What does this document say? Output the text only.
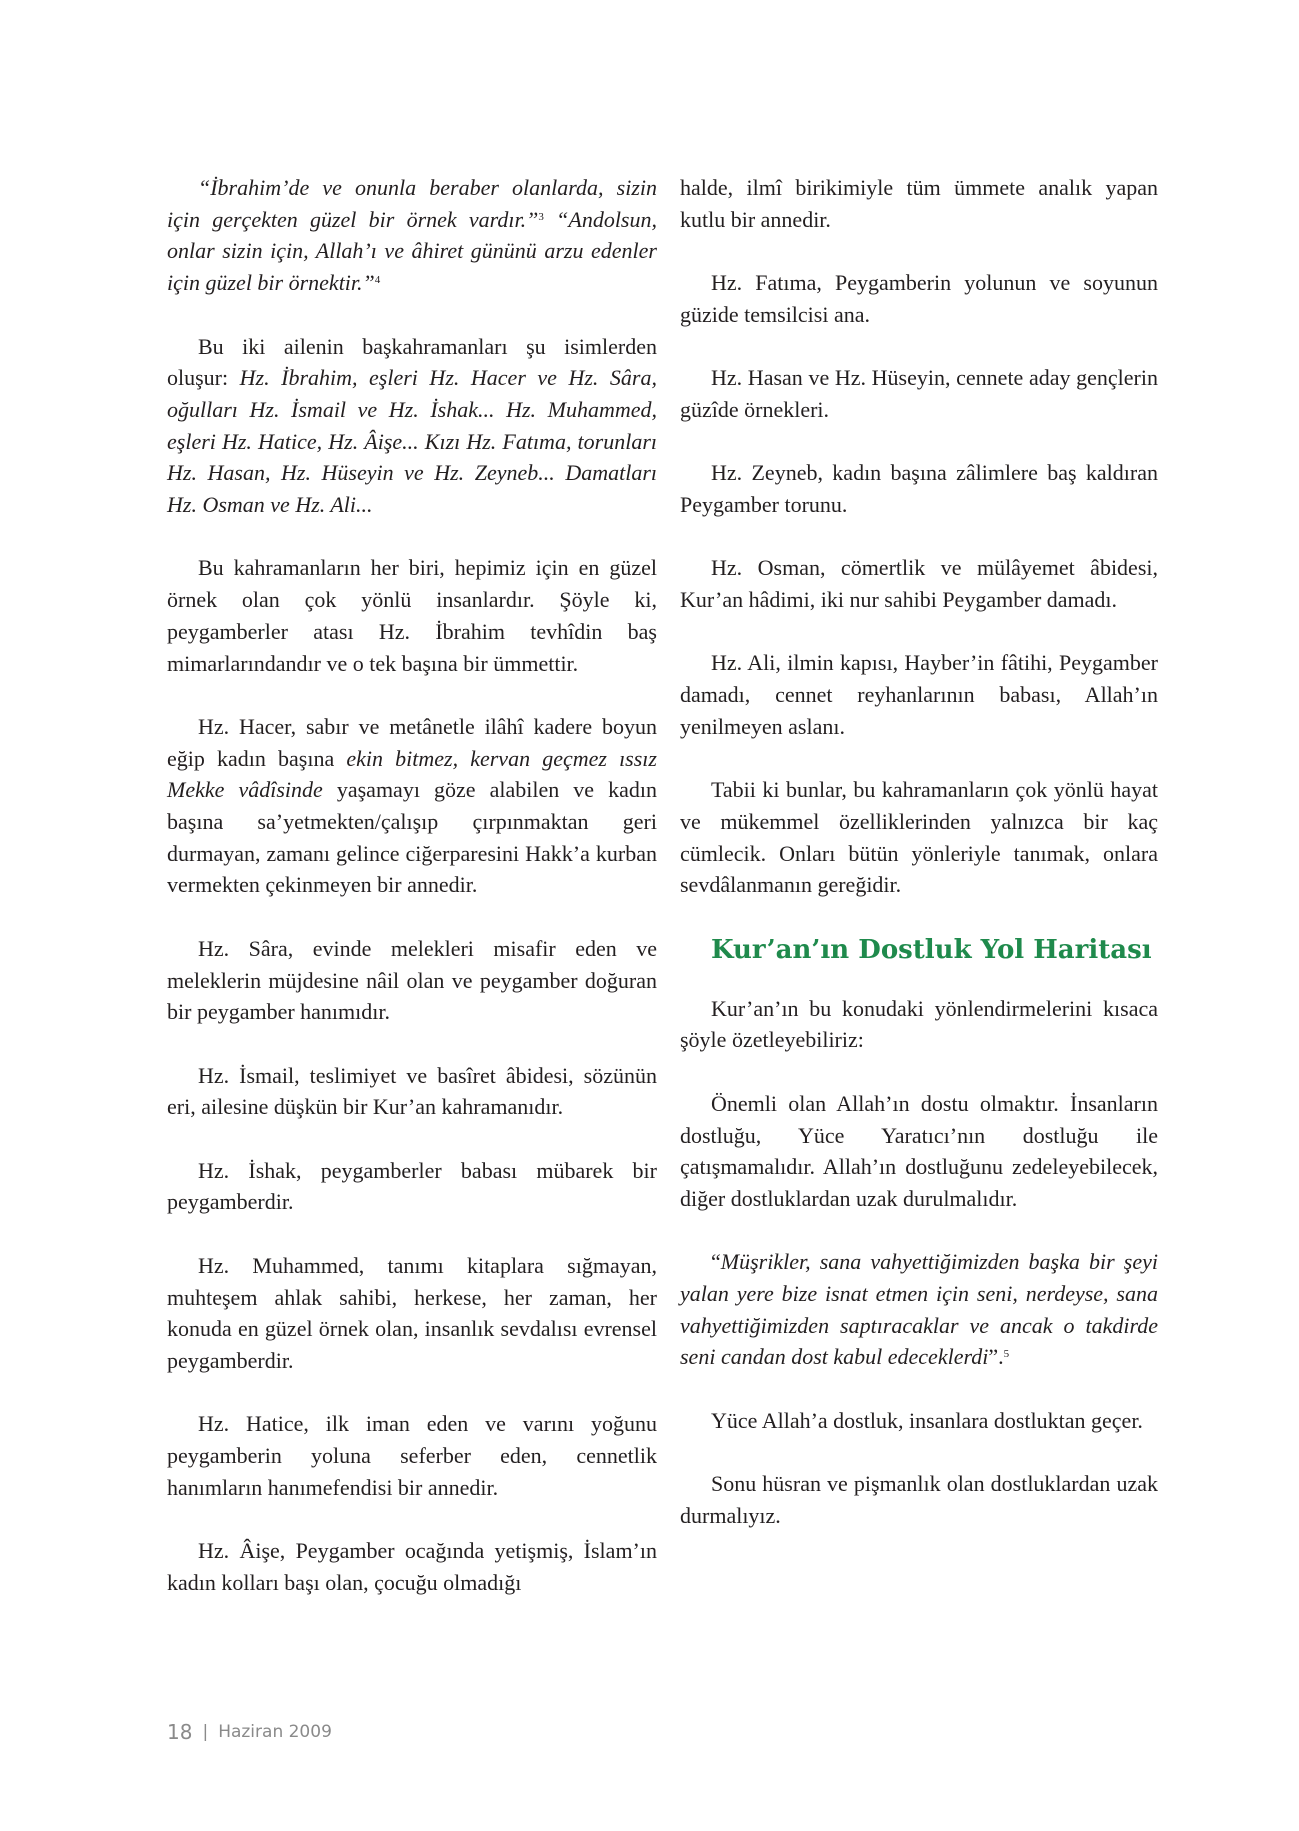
“İbrahim’de ve onunla beraber olanlarda, sizin için gerçekten güzel bir örnek vardır.”$^3$ “Andolsun, onlar sizin için, Allah’ı ve âhiret gününü arzu edenler için güzel bir örnektir.”$^4$

Bu iki ailenin başkahramanları şu isimlerden oluşur: Hz. İbrahim, eşleri Hz. Hacer ve Hz. Sâra, oğulları Hz. İsmail ve Hz. İshak... Hz. Muhammed, eşleri Hz. Hatice, Hz. Âişe... Kızı Hz. Fatıma, torunları Hz. Hasan, Hz. Hüseyin ve Hz. Zeyneb... Damatları Hz. Osman ve Hz. Ali...

Bu kahramanların her biri, hepimiz için en güzel örnek olan çok yönlü insanlardır. Şöyle ki, peygamberler atası Hz. İbrahim tevhîdin baş mimarlarındandır ve o tek başına bir ümmettir.

Hz. Hacer, sabır ve metânetle ilâhî kadere boyun eğip kadın başına ekin bitmez, kervan geçmez ıssız Mekke vâdîsinde yaşamayı göze alabilen ve kadın başına sa’yetmekten/çalışıp çırpınmaktan geri durmayan, zamanı gelince ciğerparesini Hakk’a kurban vermekten çekinmeyen bir annedir.

Hz. Sâra, evinde melekleri misafir eden ve meleklerin müjdesine nâil olan ve peygamber doğuran bir peygamber hanımıdır.

Hz. İsmail, teslimiyet ve basîret âbidesi, sözünün eri, ailesine düşkün bir Kur’an kahramanıdır.

Hz. İshak, peygamberler babası mübarek bir peygamberdir.

Hz. Muhammed, tanımı kitaplara sığmayan, muhteşem ahlak sahibi, herkese, her zaman, her konuda en güzel örnek olan, insanlık sevdalısı evrensel peygamberdir.

Hz. Hatice, ilk iman eden ve varını yoğunu peygamberin yoluna seferber eden, cennetlik hanımların hanımefendisi bir annedir.

Hz. Âişe, Peygamber ocağında yetişmiş, İslam’ın kadın kolları başı olan, çocuğu olmadığı

halde, ilmî birikimiyle tüm ümmete analık yapan kutlu bir annedir.

Hz. Fatıma, Peygamberin yolunun ve soyunun güzide temsilcisi ana.

Hz. Hasan ve Hz. Hüseyin, cennete aday gençlerin güzîde örnekleri.

Hz. Zeyneb, kadın başına zâlimlere baş kaldıran Peygamber torunu.

Hz. Osman, cömertlik ve mülâyemet âbidesi, Kur’an hâdimi, iki nur sahibi Peygamber damadı.

Hz. Ali, ilmin kapısı, Hayber’in fâtihi, Peygamber damadı, cennet reyhanlarının babası, Allah’ın yenilmeyen aslanı.

Tabii ki bunlar, bu kahramanların çok yönlü hayat ve mükemmel özelliklerinden yalnızca bir kaç cümlecik. Onları bütün yönleriyle tanımak, onlara sevdâlanmanın gereğidir.

Kur’an’ın Dostluk Yol Haritası

Kur’an’ın bu konudaki yönlendirmelerini kısaca şöyle özetleyebiliriz:

Önemli olan Allah’ın dostu olmaktır. İnsanların dostluğu, Yüce Yaratıcı’nın dostluğu ile çatışmamalıdır. Allah’ın dostluğunu zedeleyebilecek, diğer dostluklardan uzak durulmalıdır.

“Müşrikler, sana vahyettiğimizden başka bir şeyi yalan yere bize isnat etmen için seni, nerdeyse, sana vahyettiğimizden saptıracaklar ve ancak o takdirde seni candan dost kabul edeceklerdi”.$^5$

Yüce Allah’a dostluk, insanlara dostluktan geçer.

Sonu hüsran ve pişmanlık olan dostluklardan uzak durmalıyız.

18 | Haziran 2009
